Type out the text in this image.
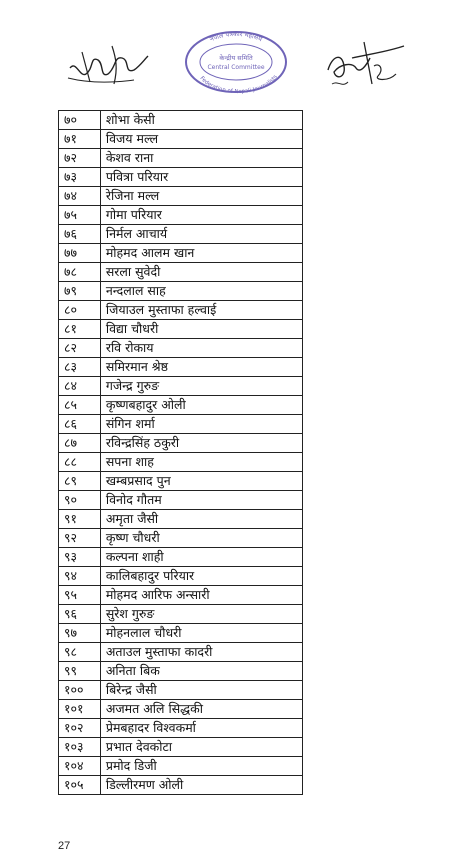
नेपाल पत्रकार महासंघ
Federation of Nepali Journalists
केन्द्रीय समिति
Central Committee
७०	शोभा केसी
७१	विजय मल्ल
७२	केशव राना
७३	पवित्रा परियार
७४	रेजिना मल्ल
७५	गोमा परियार
७६	निर्मल आचार्य
७७	मोहमद आलम खान
७८	सरला सुवेदी
७९	नन्दलाल साह
८०	जियाउल मुस्ताफा हल्वाई
८१	विद्या चौधरी
८२	रवि रोकाय
८३	समिरमान श्रेष्ठ
८४	गजेन्द्र गुरुङ
८५	कृष्णबहादुर ओली
८६	संगिन शर्मा
८७	रविन्द्रसिंह ठकुरी
८८	सपना शाह
८९	खम्बप्रसाद पुन
९०	विनोद गौतम
९१	अमृता जैसी
९२	कृष्ण चौधरी
९३	कल्पना शाही
९४	कालिबहादुर परियार
९५	मोहमद आरिफ अन्सारी
९६	सुरेश गुरुङ
९७	मोहनलाल चौधरी
९८	अताउल मुस्ताफा कादरी
९९	अनिता बिक
१००	बिरेन्द्र जैसी
१०१	अजमत अलि सिद्धकी
१०२	प्रेमबहादर विश्वकर्मा
१०३	प्रभात देवकोटा
१०४	प्रमोद डिजी
१०५	डिल्लीरमण ओली
27
